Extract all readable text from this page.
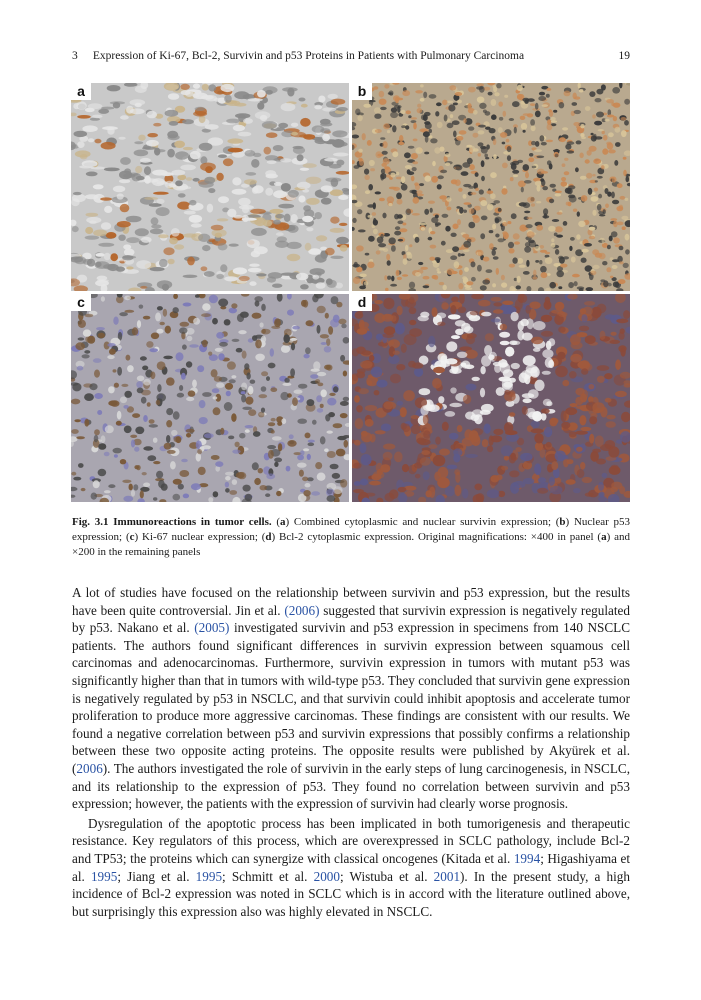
3 Expression of Ki-67, Bcl-2, Survivin and p53 Proteins in Patients with Pulmonary Carcinoma	19
a	b
c	d
Fig. 3.1 Immunoreactions in tumor cells. (a) Combined cytoplasmic and nuclear survivin expression; (b) Nuclear p53 expression; (c) Ki-67 nuclear expression; (d) Bcl-2 cytoplasmic expression. Original magnifications: ×400 in panel (a) and ×200 in the remaining panels

A lot of studies have focused on the relationship between survivin and p53 expression, but the results have been quite controversial. Jin et al. (2006) suggested that survivin expression is negatively regulated by p53. Nakano et al. (2005) investigated survivin and p53 expression in specimens from 140 NSCLC patients. The authors found significant differences in survivin expression between squamous cell carcinomas and adenocarcinomas. Furthermore, survivin expression in tumors with mutant p53 was significantly higher than that in tumors with wild-type p53. They concluded that survivin gene expression is negatively regulated by p53 in NSCLC, and that survivin could inhibit apoptosis and accelerate tumor proliferation to produce more aggressive carcinomas. These findings are consistent with our results. We found a negative correlation between p53 and survivin expressions that possibly confirms a relationship between these two opposite acting proteins. The opposite results were published by Akyürek et al. (2006). The authors investigated the role of survivin in the early steps of lung carcinogenesis, in NSCLC, and its relationship to the expression of p53. They found no correlation between survivin and p53 expression; however, the patients with the expression of survivin had clearly worse prognosis.

Dysregulation of the apoptotic process has been implicated in both tumorigenesis and therapeutic resistance. Key regulators of this process, which are overexpressed in SCLC pathology, include Bcl-2 and TP53; the proteins which can synergize with classical oncogenes (Kitada et al. 1994; Higashiyama et al. 1995; Jiang et al. 1995; Schmitt et al. 2000; Wistuba et al. 2001). In the present study, a high incidence of Bcl-2 expression was noted in SCLC which is in accord with the literature outlined above, but surprisingly this expression also was highly elevated in NSCLC.
